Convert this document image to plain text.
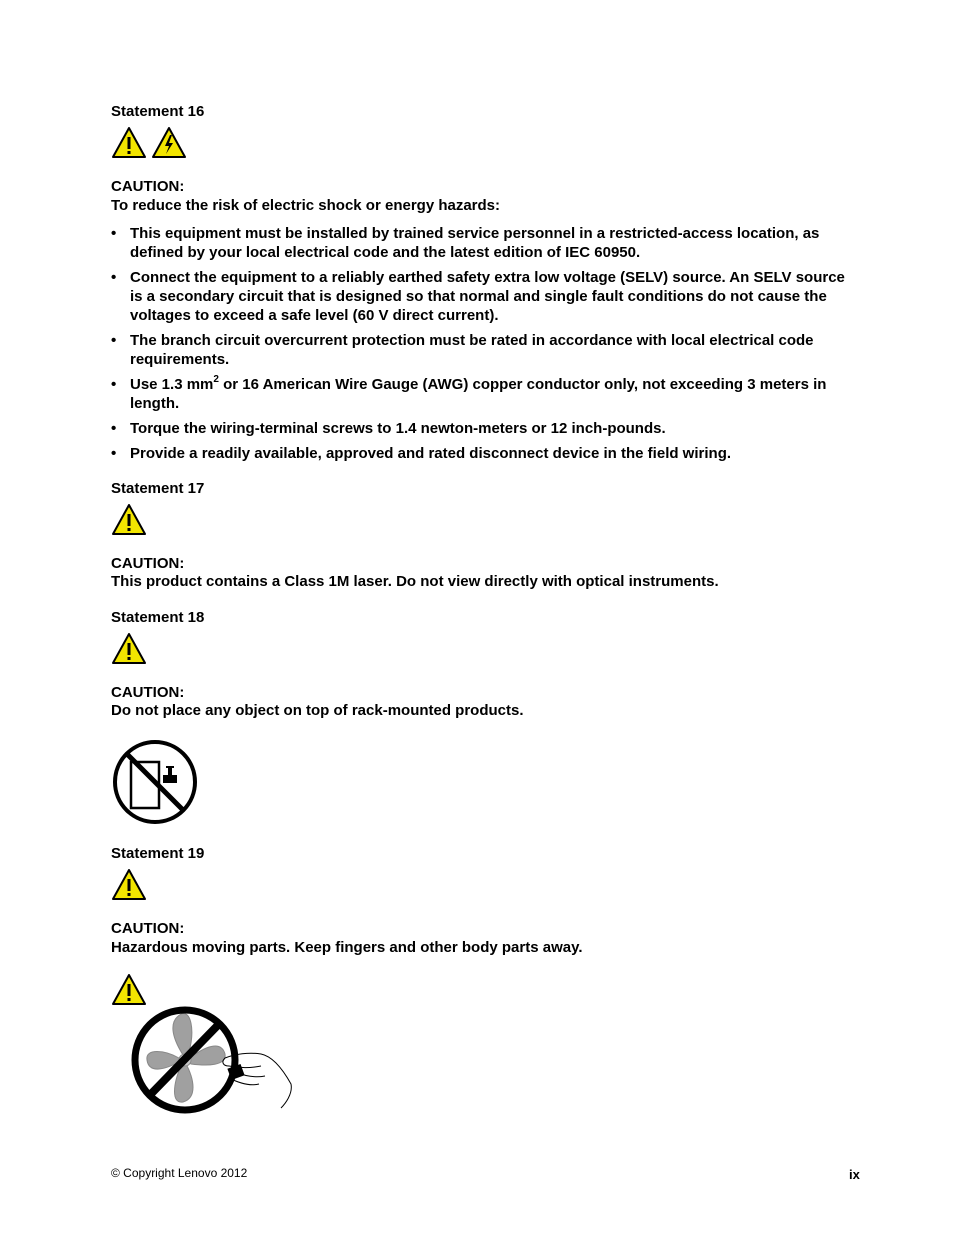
Statement 16
CAUTION:
To reduce the risk of electric shock or energy hazards:
• This equipment must be installed by trained service personnel in a restricted-access location, as defined by your local electrical code and the latest edition of IEC 60950.
• Connect the equipment to a reliably earthed safety extra low voltage (SELV) source. An SELV source is a secondary circuit that is designed so that normal and single fault conditions do not cause the voltages to exceed a safe level (60 V direct current).
• The branch circuit overcurrent protection must be rated in accordance with local electrical code requirements.
• Use 1.3 $mm^2$ or 16 American Wire Gauge (AWG) copper conductor only, not exceeding 3 meters in length.
• Torque the wiring-terminal screws to 1.4 newton-meters or 12 inch-pounds.
• Provide a readily available, approved and rated disconnect device in the field wiring.
Statement 17
CAUTION:
This product contains a Class 1M laser. Do not view directly with optical instruments.
Statement 18
CAUTION:
Do not place any object on top of rack-mounted products.
Statement 19
CAUTION:
Hazardous moving parts. Keep fingers and other body parts away.
© Copyright Lenovo 2012	ix
